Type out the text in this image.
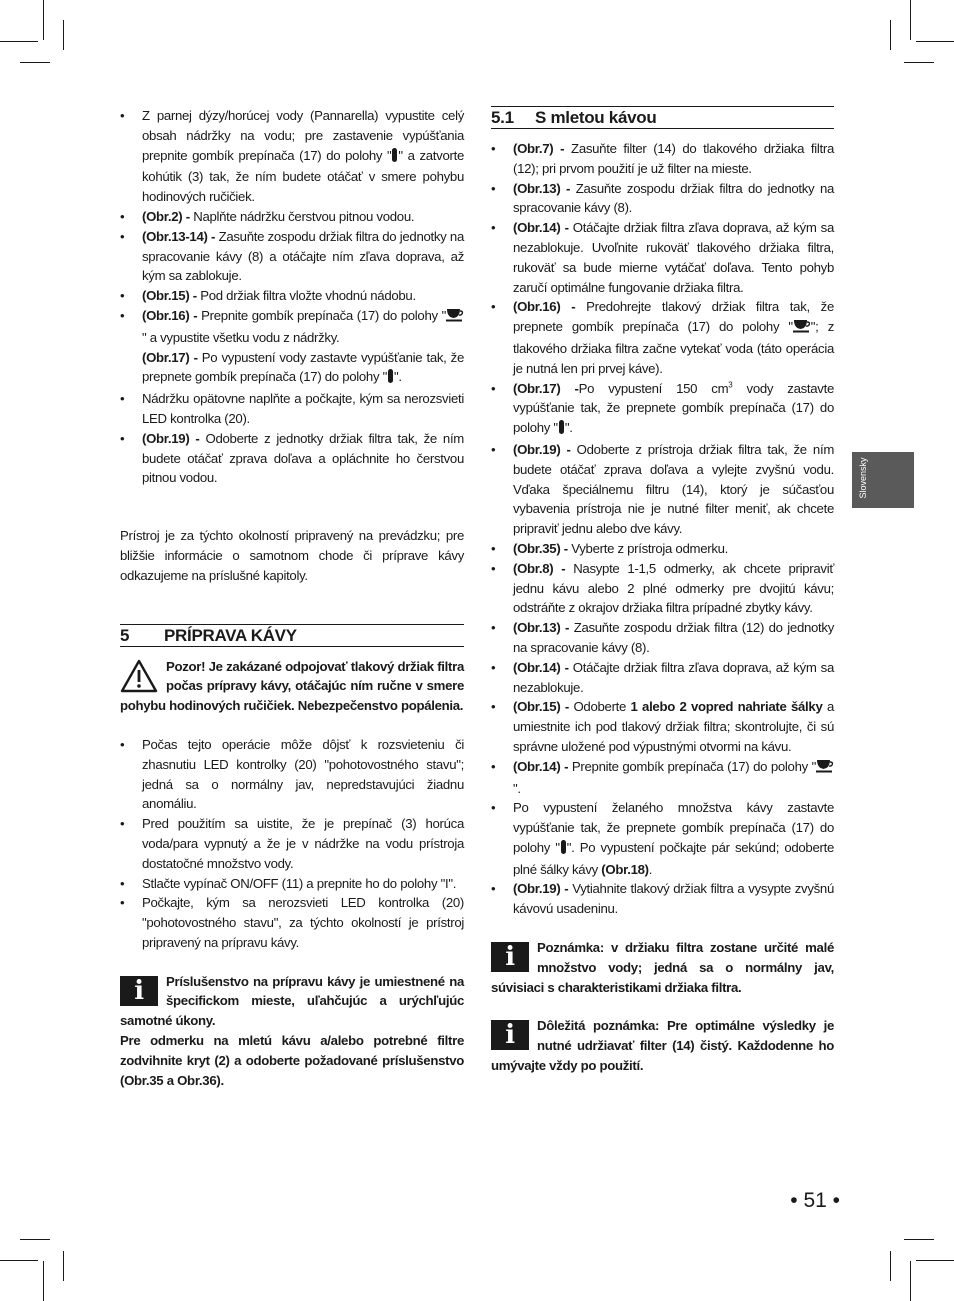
• Z parnej dýzy/horúcej vody (Pannarella) vypustite celý obsah nádržky na vodu; pre zastavenie vypúšťania prepnite gombík prepínača (17) do polohy " " a zatvorte kohútik (3) tak, že ním budete otáčať v smere pohybu hodinových ručičiek.
• (Obr.2) - Naplňte nádržku čerstvou pitnou vodou.
• (Obr.13-14) - Zasuňte zospodu držiak filtra do jednotky na spracovanie kávy (8) a otáčajte ním zľava doprava, až kým sa zablokuje.
• (Obr.15) - Pod držiak filtra vložte vhodnú nádobu.
• (Obr.16) - Prepnite gombík prepínača (17) do polohy "" a vypustite všetku vodu z nádržky.
(Obr.17) - Po vypustení vody zastavte vypúšťanie tak, že prepnete gombík prepínača (17) do polohy " ".
• Nádržku opätovne naplňte a počkajte, kým sa nerozsvieti LED kontrolka (20).
• (Obr.19) - Odoberte z jednotky držiak filtra tak, že ním budete otáčať zprava doľava a opláchnite ho čerstvou pitnou vodou.

Prístroj je za týchto okolností pripravený na prevádzku; pre bližšie informácie o samotnom chode či príprave kávy odkazujeme na príslušné kapitoly.

5	PRÍPRAVA KÁVY
Pozor! Je zakázané odpojovať tlakový držiak filtra počas prípravy kávy, otáčajúc ním ručne v smere pohybu hodinových ručičiek. Nebezpečenstvo popálenia.
• Počas tejto operácie môže dôjsť k rozsvieteniu či zhasnutiu LED kontrolky (20) "pohotovostného stavu"; jedná sa o normálny jav, nepredstavujúci žiadnu anomáliu.
• Pred použitím sa uistite, že je prepínač (3) horúca voda/para vypnutý a že je v nádržke na vodu prístroja dostatočné množstvo vody.
• Stlačte vypínač ON/OFF (11) a prepnite ho do polohy "I".
• Počkajte, kým sa nerozsvieti LED kontrolka (20) "pohotovostného stavu", za týchto okolností je prístroj pripravený na prípravu kávy.
i	Príslušenstvo na prípravu kávy je umiestnené na špecifickom mieste, uľahčujúc a urýchľujúc samotné úkony.
Pre odmerku na mletú kávu a/alebo potrebné filtre zodvihnite kryt (2) a odoberte požadované príslušenstvo (Obr.35 a Obr.36).
5.1	S mletou kávou
• (Obr.7) - Zasuňte filter (14) do tlakového držiaka filtra (12); pri prvom použití je už filter na mieste.
• (Obr.13) - Zasuňte zospodu držiak filtra do jednotky na spracovanie kávy (8).
• (Obr.14) - Otáčajte držiak filtra zľava doprava, až kým sa nezablokuje. Uvoľnite rukoväť tlakového držiaka filtra, rukoväť sa bude mierne vytáčať doľava. Tento pohyb zaručí optimálne fungovanie držiaka filtra.
• (Obr.16) - Predohrejte tlakový držiak filtra tak, že prepnete gombík prepínača (17) do polohy " "; z tlakového držiaka filtra začne vytekať voda (táto operácia je nutná len pri prvej káve).
• (Obr.17) -Po vypustení 150 $cm^3$ vody zastavte vypúšťanie tak, že prepnete gombík prepínača (17) do polohy " ".
• (Obr.19) - Odoberte z prístroja držiak filtra tak, že ním budete otáčať zprava doľava a vylejte zvyšnú vodu. Vďaka špeciálnemu filtru (14), ktorý je súčasťou vybavenia prístroja nie je nutné filter meniť, ak chcete pripraviť jednu alebo dve kávy.
• (Obr.35) - Vyberte z prístroja odmerku.
• (Obr.8) - Nasypte 1-1,5 odmerky, ak chcete pripraviť jednu kávu alebo 2 plné odmerky pre dvojitú kávu; odstráňte z okrajov držiaka filtra prípadné zbytky kávy.
• (Obr.13) - Zasuňte zospodu držiak filtra (12) do jednotky na spracovanie kávy (8).
• (Obr.14) - Otáčajte držiak filtra zľava doprava, až kým sa nezablokuje.
• (Obr.15) - Odoberte 1 alebo 2 vopred nahriate šálky a umiestnite ich pod tlakový držiak filtra; skontrolujte, či sú správne uložené pod výpustnými otvormi na kávu.
• (Obr.14) - Prepnite gombík prepínača (17) do polohy "".
• Po vypustení želaného množstva kávy zastavte vypúšťanie tak, že prepnete gombík prepínača (17) do polohy " ". Po vypustení počkajte pár sekúnd; odoberte plné šálky kávy (Obr.18).
• (Obr.19) - Vytiahnite tlakový držiak filtra a vysypte zvyšnú kávovú usadeninu.
i	Poznámka: v držiaku filtra zostane určité malé množstvo vody; jedná sa o normálny jav, súvisiaci s charakteristikami držiaka filtra.
i	Dôležitá poznámka: Pre optimálne výsledky je nutné udržiavať filter (14) čistý. Každodenne ho umývajte vždy po použití.
Slovensky
• 51 •
